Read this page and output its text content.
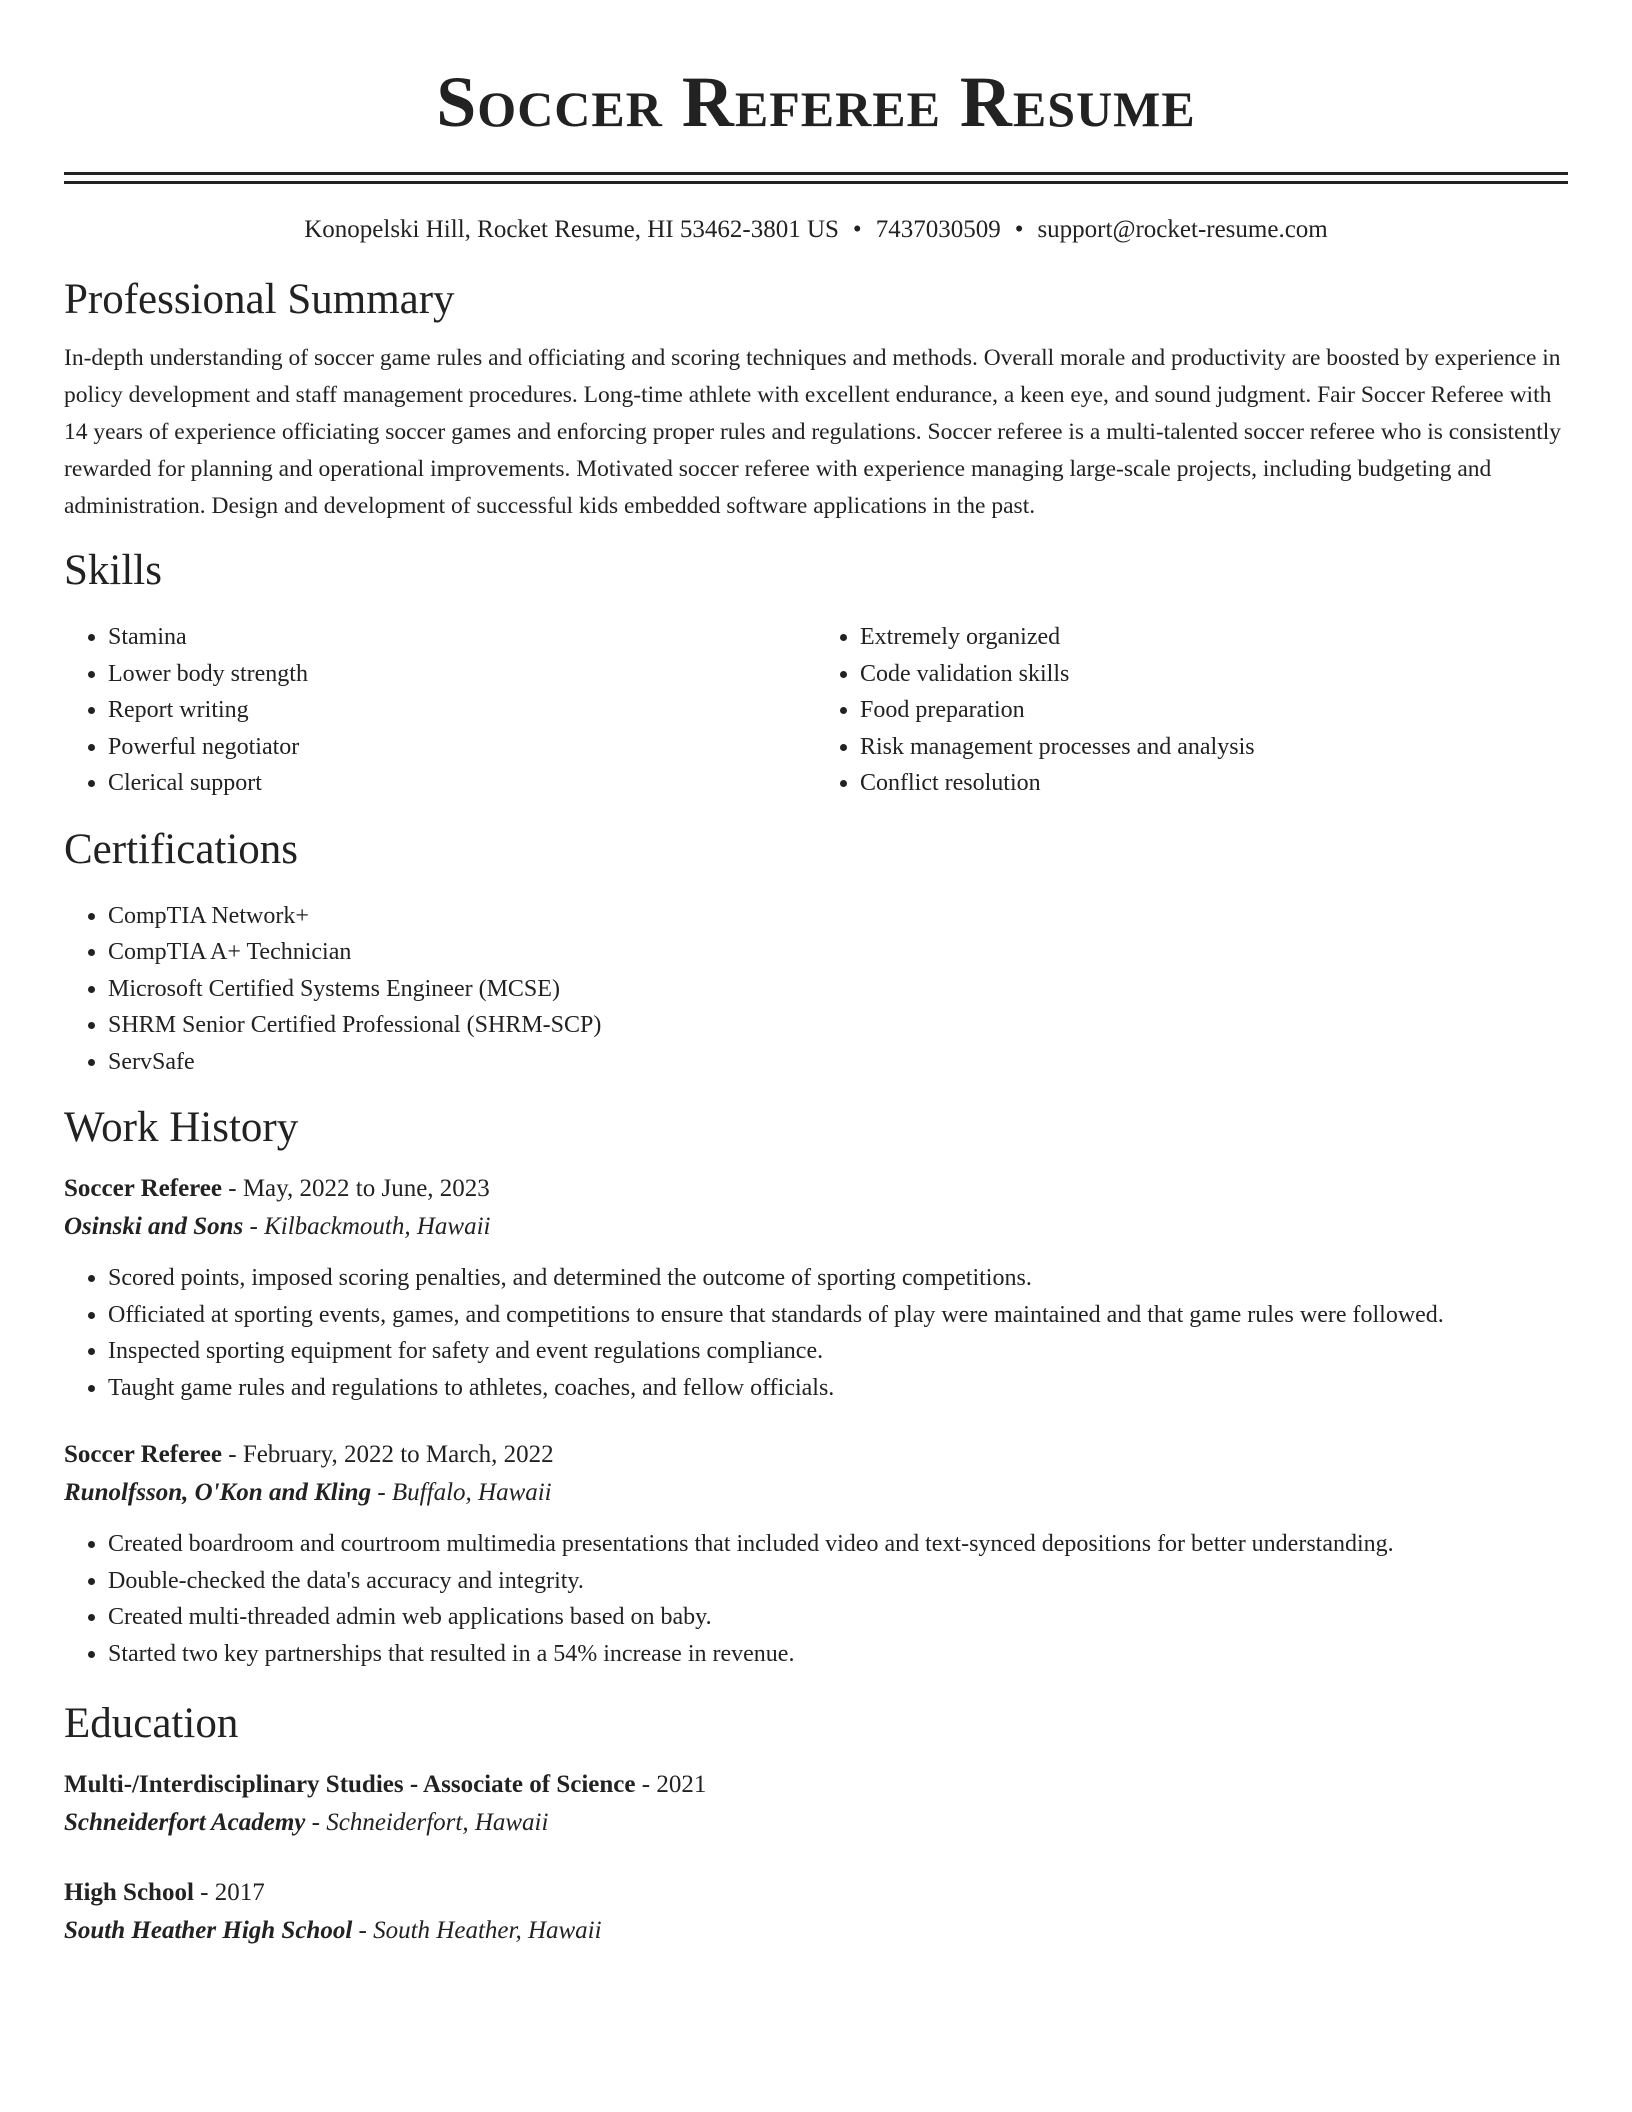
Soccer Referee Resume
Konopelski Hill, Rocket Resume, HI 53462-3801 US • 7437030509 • support@rocket-resume.com
Professional Summary

In-depth understanding of soccer game rules and officiating and scoring techniques and methods. Overall morale and productivity are boosted by experience in policy development and staff management procedures. Long-time athlete with excellent endurance, a keen eye, and sound judgment. Fair Soccer Referee with 14 years of experience officiating soccer games and enforcing proper rules and regulations. Soccer referee is a multi-talented soccer referee who is consistently rewarded for planning and operational improvements. Motivated soccer referee with experience managing large-scale projects, including budgeting and administration. Design and development of successful kids embedded software applications in the past.

Skills
• Stamina
• Lower body strength
• Report writing
• Powerful negotiator
• Clerical support
• Extremely organized
• Code validation skills
• Food preparation
• Risk management processes and analysis
• Conflict resolution
Certifications
• CompTIA Network+
• CompTIA A+ Technician
• Microsoft Certified Systems Engineer (MCSE)
• SHRM Senior Certified Professional (SHRM-SCP)
• ServSafe
Work History
Soccer Referee - May, 2022 to June, 2023
Osinski and Sons - Kilbackmouth, Hawaii
• Scored points, imposed scoring penalties, and determined the outcome of sporting competitions.
• Officiated at sporting events, games, and competitions to ensure that standards of play were maintained and that game rules were followed.
• Inspected sporting equipment for safety and event regulations compliance.
• Taught game rules and regulations to athletes, coaches, and fellow officials.
Soccer Referee - February, 2022 to March, 2022
Runolfsson, O'Kon and Kling - Buffalo, Hawaii
• Created boardroom and courtroom multimedia presentations that included video and text-synced depositions for better understanding.
• Double-checked the data's accuracy and integrity.
• Created multi-threaded admin web applications based on baby.
• Started two key partnerships that resulted in a 54% increase in revenue.
Education
Multi-/Interdisciplinary Studies - Associate of Science - 2021
Schneiderfort Academy - Schneiderfort, Hawaii
High School - 2017
South Heather High School - South Heather, Hawaii
